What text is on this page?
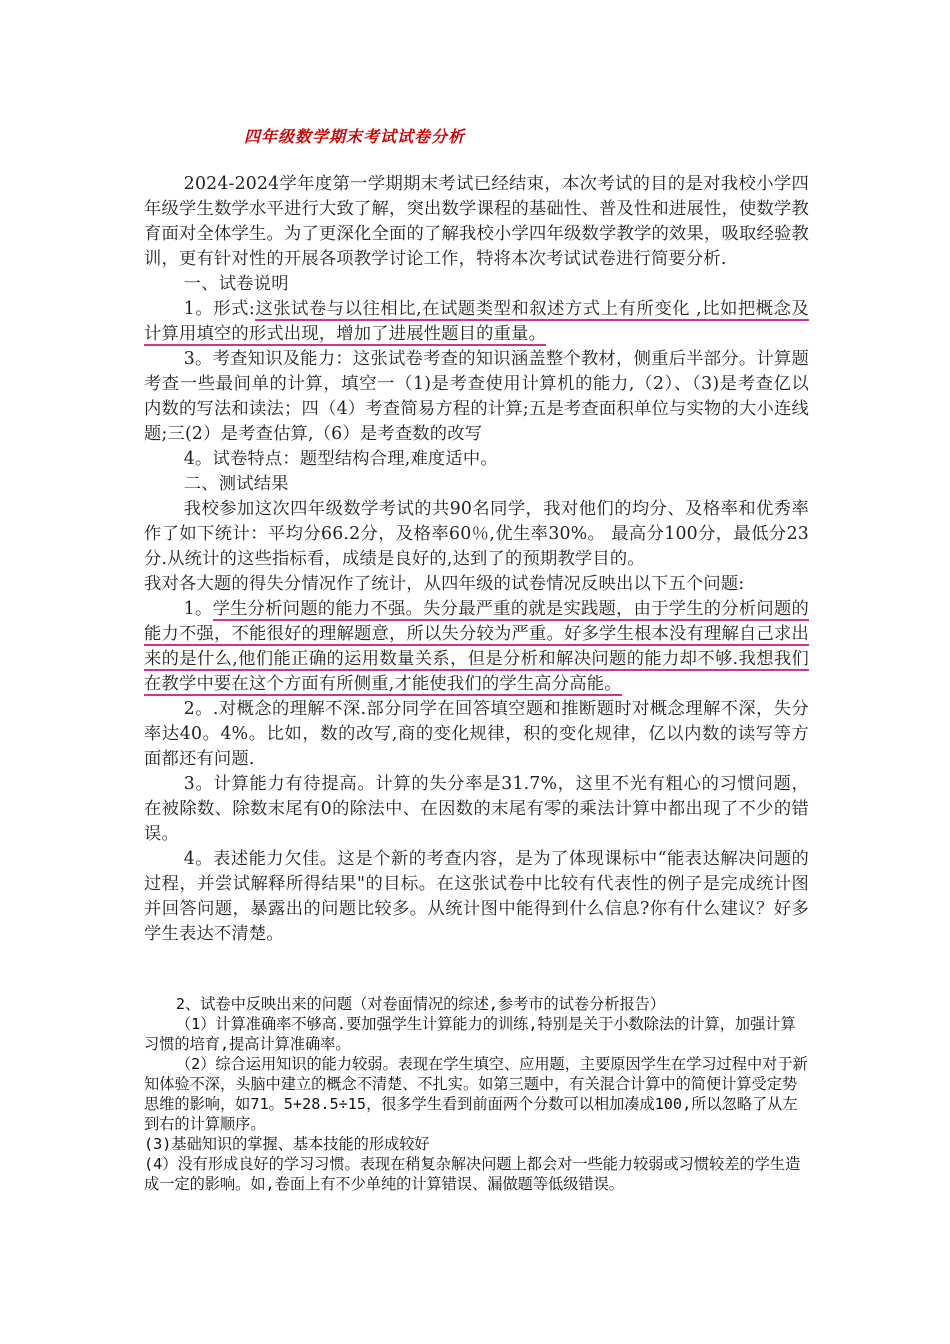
四年级数学期末考试试卷分析

2024-2024学年度第一学期期末考试已经结束，本次考试的目的是对我校小学四年级学生数学水平进行大致了解，突出数学课程的基础性、普及性和进展性，使数学教育面对全体学生。为了更深化全面的了解我校小学四年级数学教学的效果，吸取经验教训，更有针对性的开展各项教学讨论工作，特将本次考试试卷进行简要分析.

一、试卷说明

1。形式:这张试卷与以往相比,在试题类型和叙述方式上有所变化 ,比如把概念及计算用填空的形式出现，增加了进展性题目的重量。

3。考查知识及能力：这张试卷考查的知识涵盖整个教材，侧重后半部分。计算题考查一些最间单的计算，填空一（1)是考查使用计算机的能力,（2）、（3)是考查亿以内数的写法和读法；四（4）考查简易方程的计算;五是考查面积单位与实物的大小连线题;三(2）是考查估算,（6）是考查数的改写

4。试卷特点：题型结构合理,难度适中。

二、测试结果

我校参加这次四年级数学考试的共90名同学，我对他们的均分、及格率和优秀率作了如下统计：平均分66.2分，及格率60％,优生率30%。 最高分100分，最低分23分.从统计的这些指标看，成绩是良好的,达到了的预期教学目的。

我对各大题的得失分情况作了统计，从四年级的试卷情况反映出以下五个问题:

1。学生分析问题的能力不强。失分最严重的就是实践题，由于学生的分析问题的能力不强，不能很好的理解题意，所以失分较为严重。好多学生根本没有理解自己求出来的是什么,他们能正确的运用数量关系，但是分析和解决问题的能力却不够.我想我们在教学中要在这个方面有所侧重,才能使我们的学生高分高能。

2。.对概念的理解不深.部分同学在回答填空题和推断题时对概念理解不深，失分率达40。4%。比如，数的改写,商的变化规律，积的变化规律，亿以内数的读写等方面都还有问题.

3。计算能力有待提高。计算的失分率是31.7%，这里不光有粗心的习惯问题，在被除数、除数末尾有0的除法中、在因数的末尾有零的乘法计算中都出现了不少的错误。

4。表述能力欠佳。这是个新的考查内容，是为了体现课标中“能表达解决问题的过程，并尝试解释所得结果"的目标。在这张试卷中比较有代表性的例子是完成统计图并回答问题，暴露出的问题比较多。从统计图中能得到什么信息?你有什么建议？好多学生表达不清楚。

2、试卷中反映出来的问题（对卷面情况的综述,参考市的试卷分析报告）

（1）计算准确率不够高.要加强学生计算能力的训练,特别是关于小数除法的计算，加强计算习惯的培育,提高计算准确率。

（2）综合运用知识的能力较弱。表现在学生填空、应用题，主要原因学生在学习过程中对于新知体验不深，头脑中建立的概念不清楚、不扎实。如第三题中，有关混合计算中的简便计算受定势思维的影响，如71。5+28.5÷15，很多学生看到前面两个分数可以相加凑成100,所以忽略了从左到右的计算顺序。

(3)基础知识的掌握、基本技能的形成较好

(4）没有形成良好的学习习惯。表现在稍复杂解决问题上都会对一些能力较弱或习惯较差的学生造成一定的影响。如,卷面上有不少单纯的计算错误、漏做题等低级错误。
